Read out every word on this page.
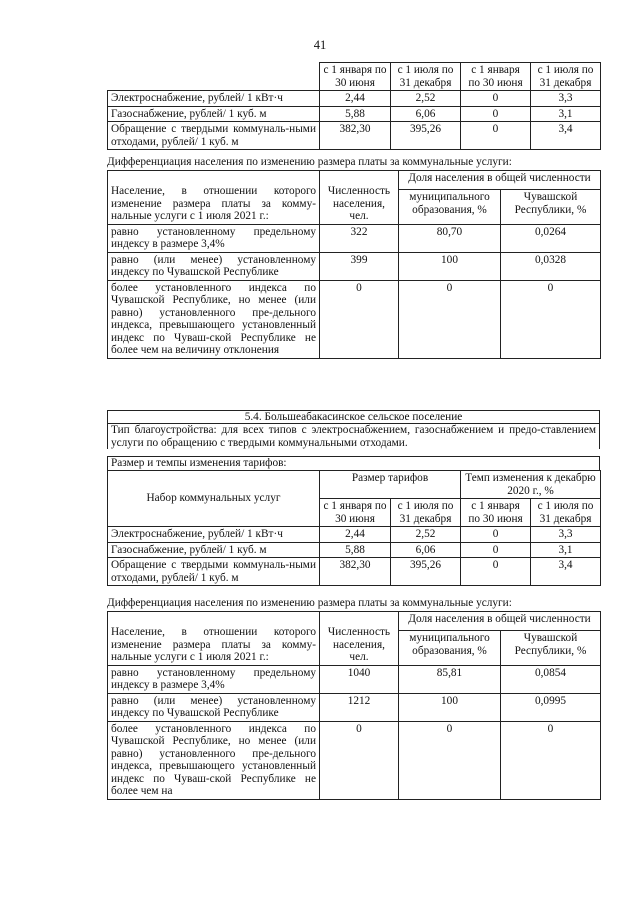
41
	с 1 января по 30 июня	с 1 июля по 31 декабря	с 1 января по 30 июня	с 1 июля по 31 декабря
Электроснабжение, рублей/ 1 кВт·ч	2,44	2,52	0	3,3
Газоснабжение, рублей/ 1 куб. м	5,88	6,06	0	3,1
Обращение с твердыми коммуналь-ными отходами, рублей/ 1 куб. м	382,30	395,26	0	3,4
Дифференциация населения по изменению размера платы за коммунальные услуги:
Население, в отношении которого изменение размера платы за комму-нальные услуги с 1 июля 2021 г.:	Численность населения, чел.	Доля населения в общей численности	
		муниципального образования, %	Чувашской Республики, %
равно установленному предельному индексу в размере 3,4%	322	80,70	0,0264
равно (или менее) установленному индексу по Чувашской Республике	399	100	0,0328
более установленного индекса по Чувашской Республике, но менее (или равно) установленного пре-дельного индекса, превышающего установленный индекс по Чуваш-ской Республике не более чем на величину отклонения	0	0	0
5.4. Большеабакасинское сельское поселение
Тип благоустройства: для всех типов с электроснабжением, газоснабжением и предо-ставлением услуги по обращению с твердыми коммунальными отходами.
Размер и темпы изменения тарифов:
Набор коммунальных услуг	Размер тарифов		Темп изменения к декабрю 2020 г., %	
	с 1 января по 30 июня	с 1 июля по 31 декабря	с 1 января по 30 июня	с 1 июля по 31 декабря
Электроснабжение, рублей/ 1 кВт·ч	2,44	2,52	0	3,3
Газоснабжение, рублей/ 1 куб. м	5,88	6,06	0	3,1
Обращение с твердыми коммуналь-ными отходами, рублей/ 1 куб. м	382,30	395,26	0	3,4
Дифференциация населения по изменению размера платы за коммунальные услуги:
Население, в отношении которого изменение размера платы за комму-нальные услуги с 1 июля 2021 г.:	Численность населения, чел.	Доля населения в общей численности	
		муниципального образования, %	Чувашской Республики, %
равно установленному предельному индексу в размере 3,4%	1040	85,81	0,0854
равно (или менее) установленному индексу по Чувашской Республике	1212	100	0,0995
более установленного индекса по Чувашской Республике, но менее (или равно) установленного пре-дельного индекса, превышающего установленный индекс по Чуваш-ской Республике не более чем на	0	0	0
